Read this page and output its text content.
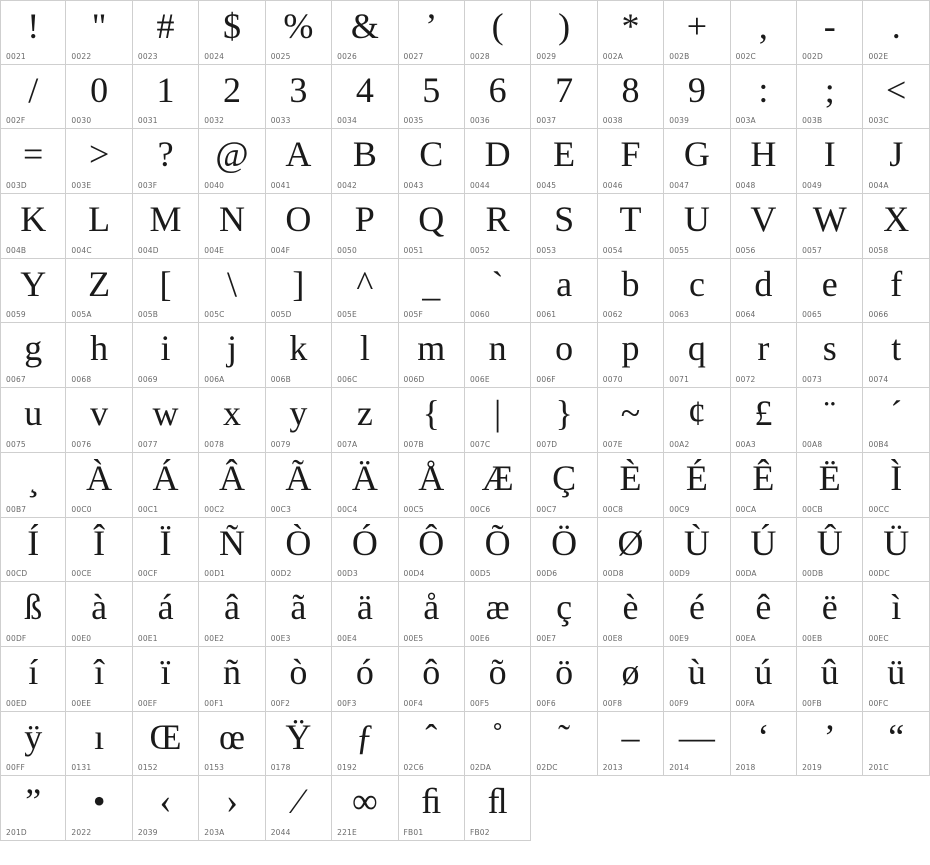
!
0021
"
0022
#
0023
$
0024
%
0025
&
0026
’
0027
(
0028
)
0029
*
002A
+
002B
,
002C
-
002D
.
002E
/
002F
0
0030
1
0031
2
0032
3
0033
4
0034
5
0035
6
0036
7
0037
8
0038
9
0039
:
003A
;
003B
<
003C
=
003D
>
003E
?
003F
@
0040
A
0041
B
0042
C
0043
D
0044
E
0045
F
0046
G
0047
H
0048
I
0049
J
004A
K
004B
L
004C
M
004D
N
004E
O
004F
P
0050
Q
0051
R
0052
S
0053
T
0054
U
0055
V
0056
W
0057
X
0058
Y
0059
Z
005A
[
005B
\
005C
]
005D
^
005E
_
005F
`
0060
a
0061
b
0062
c
0063
d
0064
e
0065
f
0066
g
0067
h
0068
i
0069
j
006A
k
006B
l
006C
m
006D
n
006E
o
006F
p
0070
q
0071
r
0072
s
0073
t
0074
u
0075
v
0076
w
0077
x
0078
y
0079
z
007A
{
007B
|
007C
}
007D
~
007E
¢
00A2
£
00A3
¨
00A8
´
00B4
¸
00B7
À
00C0
Á
00C1
Â
00C2
Ã
00C3
Ä
00C4
Å
00C5
Æ
00C6
Ç
00C7
È
00C8
É
00C9
Ê
00CA
Ë
00CB
Ì
00CC
Í
00CD
Î
00CE
Ï
00CF
Ñ
00D1
Ò
00D2
Ó
00D3
Ô
00D4
Õ
00D5
Ö
00D6
Ø
00D8
Ù
00D9
Ú
00DA
Û
00DB
Ü
00DC
ß
00DF
à
00E0
á
00E1
â
00E2
ã
00E3
ä
00E4
å
00E5
æ
00E6
ç
00E7
è
00E8
é
00E9
ê
00EA
ë
00EB
ì
00EC
í
00ED
î
00EE
ï
00EF
ñ
00F1
ò
00F2
ó
00F3
ô
00F4
õ
00F5
ö
00F6
ø
00F8
ù
00F9
ú
00FA
û
00FB
ü
00FC
ÿ
00FF
ı
0131
Œ
0152
œ
0153
Ÿ
0178
ƒ
0192
ˆ
02C6
˚
02DA
˜
02DC
–
2013
—
2014
‘
2018
’
2019
“
201C
”
201D
•
2022
‹
2039
›
203A
⁄
2044
∞
221E
ﬁ
FB01
ﬂ
FB02
